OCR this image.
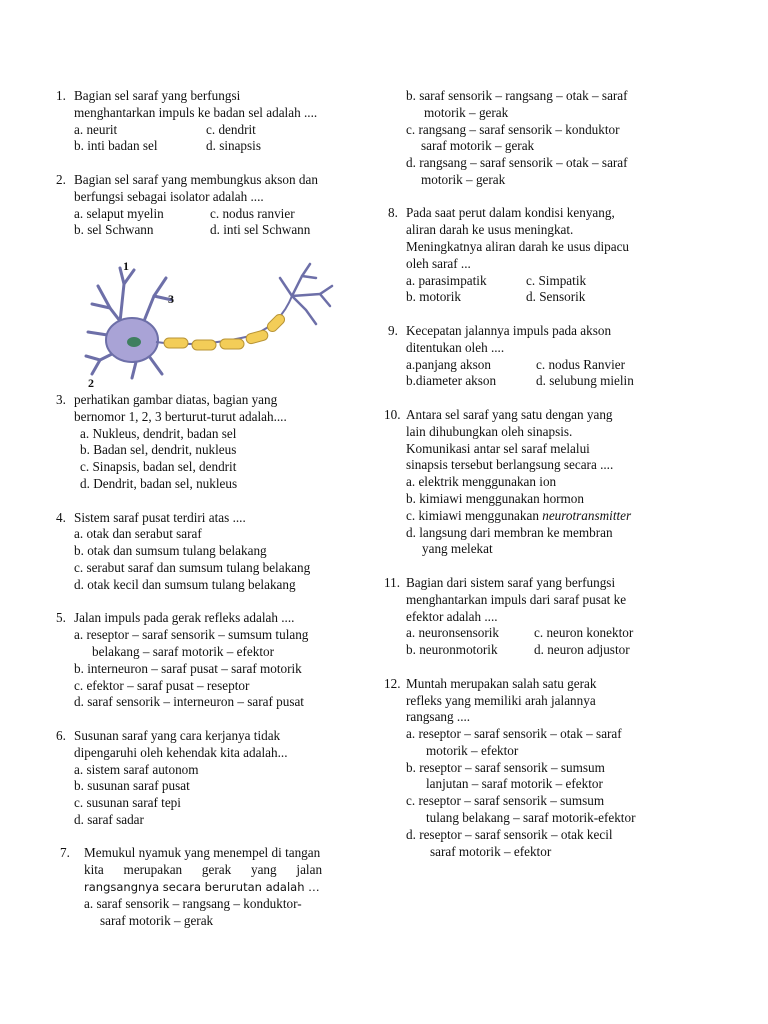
1. Bagian sel saraf yang berfungsi
menghantarkan impuls ke badan sel adalah ....
a. neurit	c. dendrit
b. inti badan sel	d. sinapsis
2. Bagian sel saraf yang membungkus akson dan
berfungsi sebagai isolator adalah ....
a. selaput myelin	c. nodus ranvier
b. sel Schwann	d. inti sel Schwann
3. perhatikan gambar diatas, bagian yang
bernomor 1, 2, 3 berturut-turut adalah....
a. Nukleus, dendrit, badan sel
b. Badan sel, dendrit, nukleus
c. Sinapsis, badan sel, dendrit
d. Dendrit, badan sel, nukleus
4. Sistem saraf pusat terdiri atas ....
a. otak dan serabut saraf
b. otak dan sumsum tulang belakang
c. serabut saraf dan sumsum tulang belakang
d. otak kecil dan sumsum tulang belakang
5. Jalan impuls pada gerak refleks adalah ....
a. reseptor – saraf sensorik – sumsum tulang
belakang – saraf motorik – efektor
b. interneuron – saraf pusat – saraf motorik
c. efektor – saraf pusat – reseptor
d. saraf sensorik – interneuron – saraf pusat
6. Susunan saraf yang cara kerjanya tidak
dipengaruhi oleh kehendak kita adalah...
a. sistem saraf autonom
b. susunan saraf pusat
c. susunan saraf tepi
d. saraf sadar
7. Memukul nyamuk yang menempel di tangan
kita      merupakan      gerak      yang      jalan
rangsangnya secara berurutan adalah …
a. saraf sensorik – rangsang – konduktor-
saraf motorik – gerak
1
2
3
b. saraf sensorik – rangsang – otak – saraf
motorik – gerak
c. rangsang – saraf sensorik – konduktor
saraf motorik – gerak
d. rangsang – saraf sensorik – otak – saraf
motorik – gerak
8. Pada saat perut dalam kondisi kenyang,
aliran darah ke usus meningkat.
Meningkatnya aliran darah ke usus dipacu
oleh saraf ...
a. parasimpatik	c. Simpatik
b. motorik	d. Sensorik
9. Kecepatan jalannya impuls pada akson
ditentukan oleh ....
a.panjang akson	c. nodus Ranvier
b.diameter akson	d. selubung mielin
10. Antara sel saraf yang satu dengan yang
lain dihubungkan oleh sinapsis.
Komunikasi antar sel saraf melalui
sinapsis tersebut berlangsung secara ....
a. elektrik menggunakan ion
b. kimiawi menggunakan hormon
c. kimiawi menggunakan neurotransmitter
d. langsung dari membran ke membran
yang melekat
11. Bagian dari sistem saraf yang berfungsi
menghantarkan impuls dari saraf pusat ke
efektor adalah ....
a. neuronsensorik	c. neuron konektor
b. neuronmotorik	d. neuron adjustor
12. Muntah merupakan salah satu gerak
refleks yang memiliki arah jalannya
rangsang ....
a. reseptor – saraf sensorik – otak – saraf
motorik – efektor
b. reseptor – saraf sensorik – sumsum
lanjutan – saraf motorik – efektor
c. reseptor – saraf sensorik – sumsum
tulang belakang – saraf motorik-efektor
d. reseptor – saraf sensorik – otak kecil
saraf motorik – efektor
